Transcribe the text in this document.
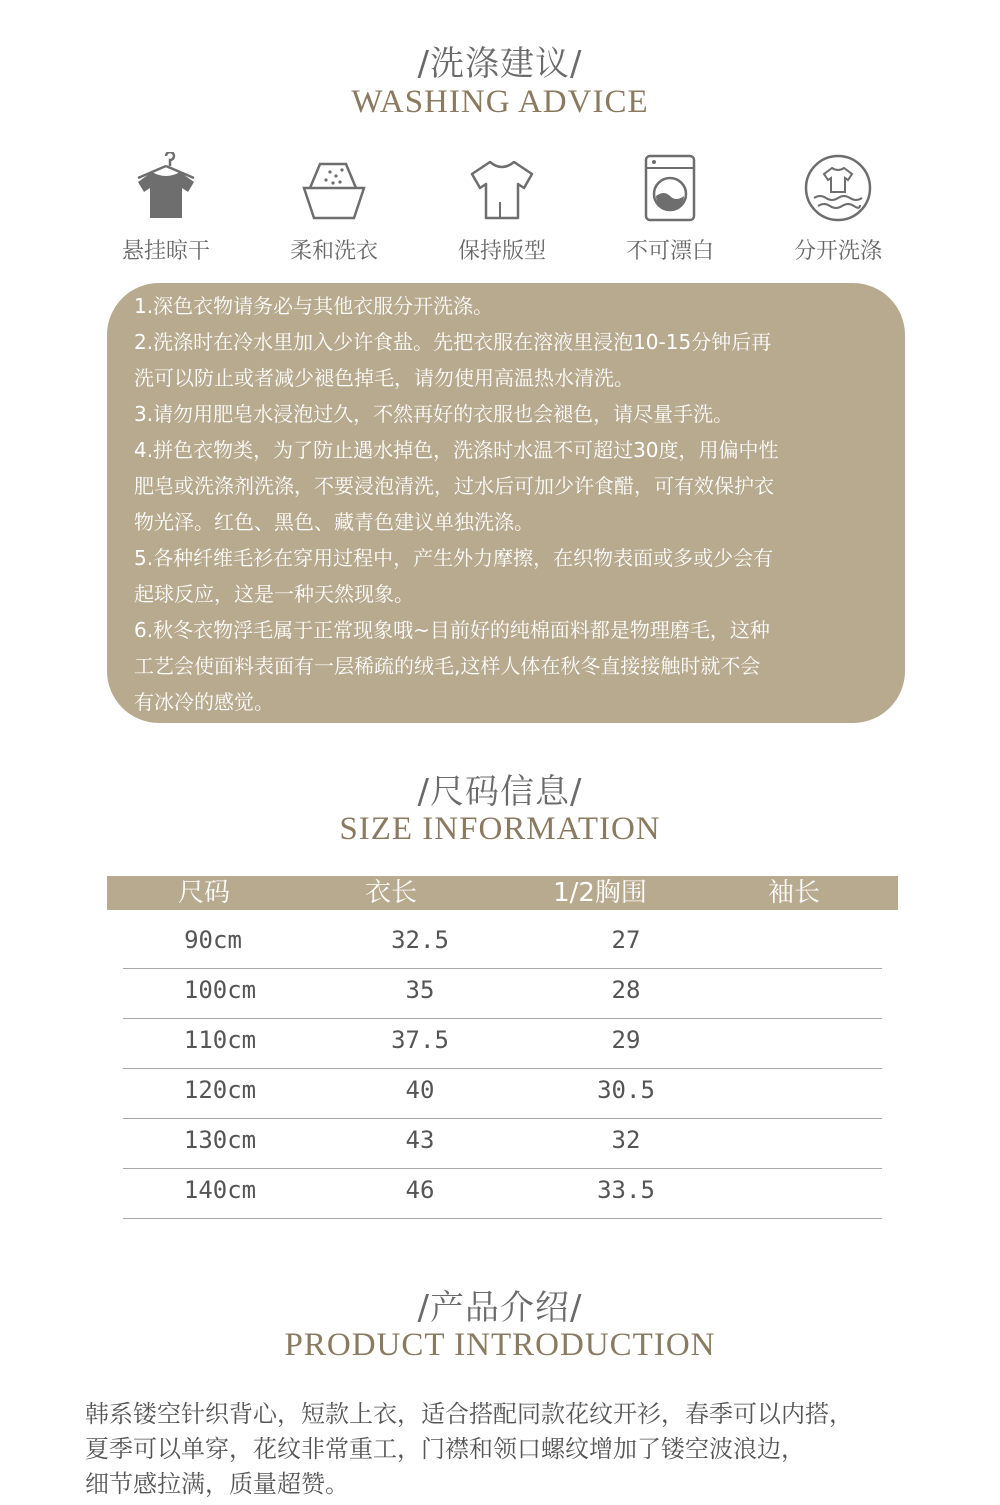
/洗涤建议/
WASHING ADVICE
悬挂晾干	柔和洗衣	保持版型	不可漂白	分开洗涤

1.深色衣物请务必与其他衣服分开洗涤。

2.洗涤时在冷水里加入少许食盐。先把衣服在溶液里浸泡10-15分钟后再

洗可以防止或者减少褪色掉毛，请勿使用高温热水清洗。

3.请勿用肥皂水浸泡过久，不然再好的衣服也会褪色，请尽量手洗。

4.拼色衣物类，为了防止遇水掉色，洗涤时水温不可超过30度，用偏中性

肥皂或洗涤剂洗涤，不要浸泡清洗，过水后可加少许食醋，可有效保护衣

物光泽。红色、黑色、藏青色建议单独洗涤。

5.各种纤维毛衫在穿用过程中，产生外力摩擦，在织物表面或多或少会有

起球反应，这是一种天然现象。

6.秋冬衣物浮毛属于正常现象哦~目前好的纯棉面料都是物理磨毛，这种

工艺会使面料表面有一层稀疏的绒毛,这样人体在秋冬直接接触时就不会

有冰冷的感觉。

/尺码信息/
SIZE INFORMATION
尺码	衣长	1/2胸围	袖长
90cm	32.5	27
100cm	35	28
110cm	37.5	29
120cm	40	30.5
130cm	43	32
140cm	46	33.5
/产品介绍/
PRODUCT INTRODUCTION

韩系镂空针织背心，短款上衣，适合搭配同款花纹开衫，春季可以内搭，

夏季可以单穿，花纹非常重工，门襟和领口螺纹增加了镂空波浪边，

细节感拉满，质量超赞。
